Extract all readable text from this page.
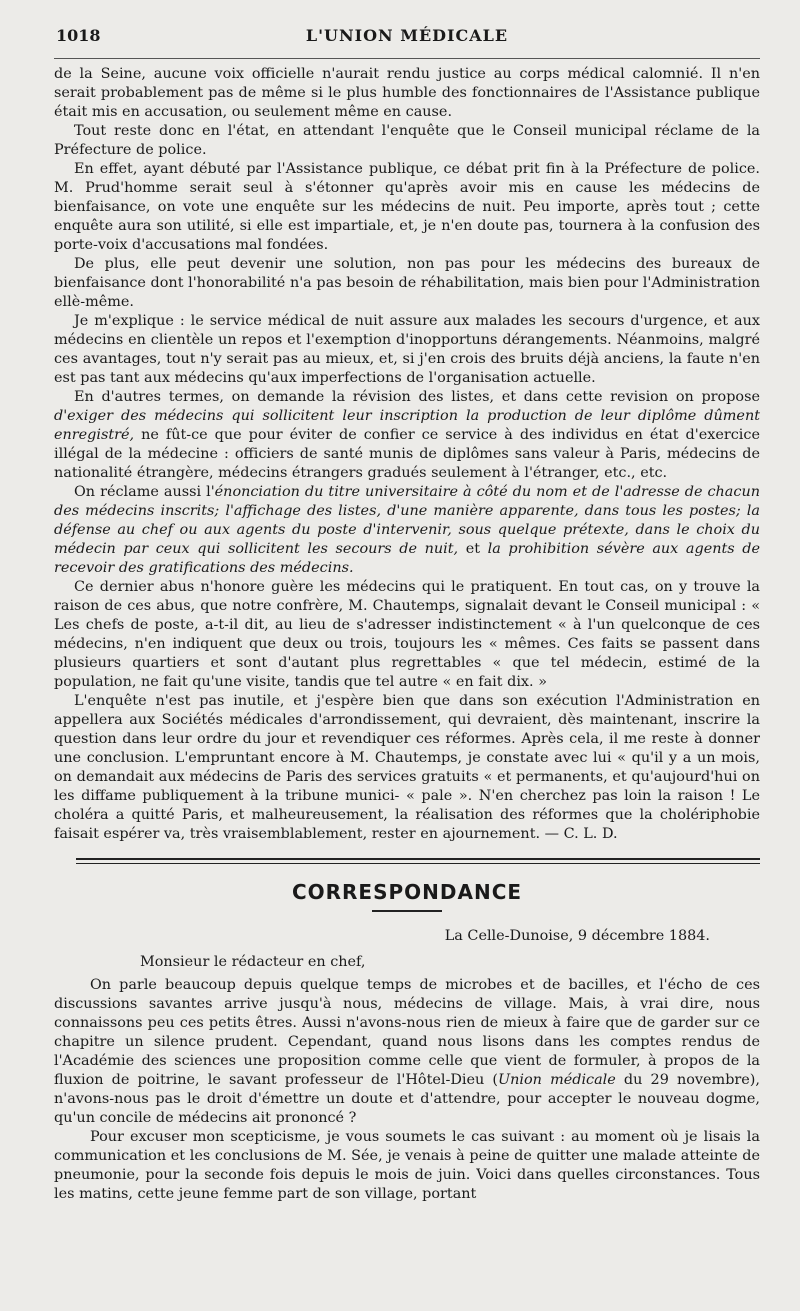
1018	L'UNION MÉDICALE

de la Seine, aucune voix officielle n'aurait rendu justice au corps médical calomnié. Il n'en serait probablement pas de même si le plus humble des fonctionnaires de l'Assistance publique était mis en accusation, ou seulement même en cause.

Tout reste donc en l'état, en attendant l'enquête que le Conseil municipal réclame de la Préfecture de police.

En effet, ayant débuté par l'Assistance publique, ce débat prit fin à la Préfecture de police. M. Prud'homme serait seul à s'étonner qu'après avoir mis en cause les médecins de bienfaisance, on vote une enquête sur les médecins de nuit. Peu importe, après tout ; cette enquête aura son utilité, si elle est impartiale, et, je n'en doute pas, tournera à la confusion des porte-voix d'accusations mal fondées.

De plus, elle peut devenir une solution, non pas pour les médecins des bureaux de bienfaisance dont l'honorabilité n'a pas besoin de réhabilitation, mais bien pour l'Administration ellè-même.

Je m'explique : le service médical de nuit assure aux malades les secours d'urgence, et aux médecins en clientèle un repos et l'exemption d'inopportuns dérangements. Néanmoins, malgré ces avantages, tout n'y serait pas au mieux, et, si j'en crois des bruits déjà anciens, la faute n'en est pas tant aux médecins qu'aux imperfections de l'organisation actuelle.

En d'autres termes, on demande la révision des listes, et dans cette revision on propose d'exiger des médecins qui sollicitent leur inscription la production de leur diplôme dûment enregistré, ne fût-ce que pour éviter de confier ce service à des individus en état d'exercice illégal de la médecine : officiers de santé munis de diplômes sans valeur à Paris, médecins de nationalité étrangère, médecins étrangers gradués seulement à l'étranger, etc., etc.

On réclame aussi l'énonciation du titre universitaire à côté du nom et de l'adresse de chacun des médecins inscrits; l'affichage des listes, d'une manière apparente, dans tous les postes; la défense au chef ou aux agents du poste d'intervenir, sous quelque prétexte, dans le choix du médecin par ceux qui sollicitent les secours de nuit, et la prohibition sévère aux agents de recevoir des gratifications des médecins.

Ce dernier abus n'honore guère les médecins qui le pratiquent. En tout cas, on y trouve la raison de ces abus, que notre confrère, M. Chautemps, signalait devant le Conseil municipal : « Les chefs de poste, a-t-il dit, au lieu de s'adresser indistinctement « à l'un quelconque de ces médecins, n'en indiquent que deux ou trois, toujours les « mêmes. Ces faits se passent dans plusieurs quartiers et sont d'autant plus regrettables « que tel médecin, estimé de la population, ne fait qu'une visite, tandis que tel autre « en fait dix. »

L'enquête n'est pas inutile, et j'espère bien que dans son exécution l'Administration en appellera aux Sociétés médicales d'arrondissement, qui devraient, dès maintenant, inscrire la question dans leur ordre du jour et revendiquer ces réformes. Après cela, il me reste à donner une conclusion. L'empruntant encore à M. Chautemps, je constate avec lui « qu'il y a un mois, on demandait aux médecins de Paris des services gratuits « et permanents, et qu'aujourd'hui on les diffame publiquement à la tribune munici- « pale ». N'en cherchez pas loin la raison ! Le choléra a quitté Paris, et malheureusement, la réalisation des réformes que la cholériphobie faisait espérer va, très vraisemblablement, rester en ajournement. — C. L. D.

CORRESPONDANCE
La Celle-Dunoise, 9 décembre 1884.
Monsieur le rédacteur en chef,

On parle beaucoup depuis quelque temps de microbes et de bacilles, et l'écho de ces discussions savantes arrive jusqu'à nous, médecins de village. Mais, à vrai dire, nous connaissons peu ces petits êtres. Aussi n'avons-nous rien de mieux à faire que de garder sur ce chapitre un silence prudent. Cependant, quand nous lisons dans les comptes rendus de l'Académie des sciences une proposition comme celle que vient de formuler, à propos de la fluxion de poitrine, le savant professeur de l'Hôtel-Dieu (Union médicale du 29 novembre), n'avons-nous pas le droit d'émettre un doute et d'attendre, pour accepter le nouveau dogme, qu'un concile de médecins ait prononcé ?

Pour excuser mon scepticisme, je vous soumets le cas suivant : au moment où je lisais la communication et les conclusions de M. Sée, je venais à peine de quitter une malade atteinte de pneumonie, pour la seconde fois depuis le mois de juin. Voici dans quelles circonstances. Tous les matins, cette jeune femme part de son village, portant
